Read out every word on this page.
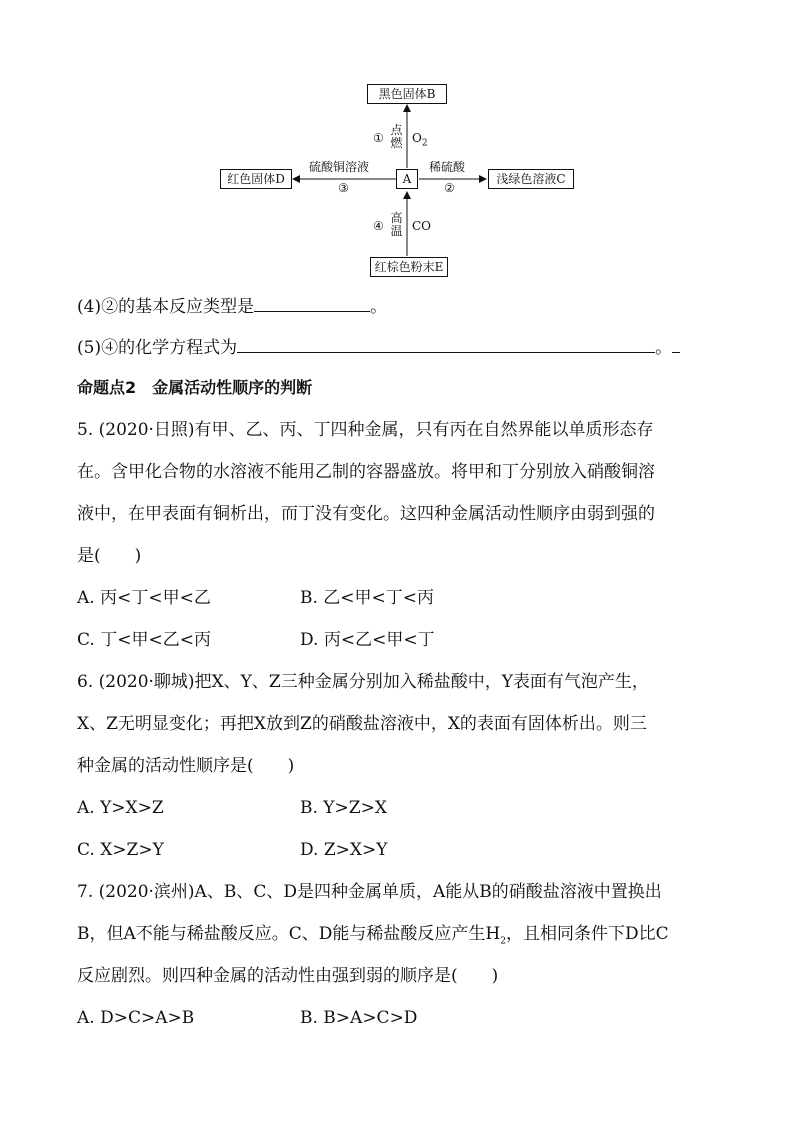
黑色固体B
A
红色固体D	浅绿色溶液C
红棕色粉末E
①
点
燃 $O_2$
稀硫酸
②
硫酸铜溶液
③
④
高
温 CO
(4)②的基本反应类型是	。
(5)④的化学方程式为	。
命题点2　金属活动性顺序的判断
5. (2020·日照)有甲、乙、丙、丁四种金属，只有丙在自然界能以单质形态存
在。含甲化合物的水溶液不能用乙制的容器盛放。将甲和丁分别放入硝酸铜溶
液中，在甲表面有铜析出，而丁没有变化。这四种金属活动性顺序由弱到强的
是(　　)
A. 丙<丁<甲<乙	B. 乙<甲<丁<丙
C. 丁<甲<乙<丙	D. 丙<乙<甲<丁
6. (2020·聊城)把X、Y、Z三种金属分别加入稀盐酸中，Y表面有气泡产生，
X、Z无明显变化；再把X放到Z的硝酸盐溶液中，X的表面有固体析出。则三
种金属的活动性顺序是(　　)
A. Y>X>Z	B. Y>Z>X
C. X>Z>Y	D. Z>X>Y
7. (2020·滨州)A、B、C、D是四种金属单质，A能从B的硝酸盐溶液中置换出
B，但A不能与稀盐酸反应。C、D能与稀盐酸反应产生$H_2$，且相同条件下D比C
反应剧烈。则四种金属的活动性由强到弱的顺序是(　　)
A. D>C>A>B	B. B>A>C>D
